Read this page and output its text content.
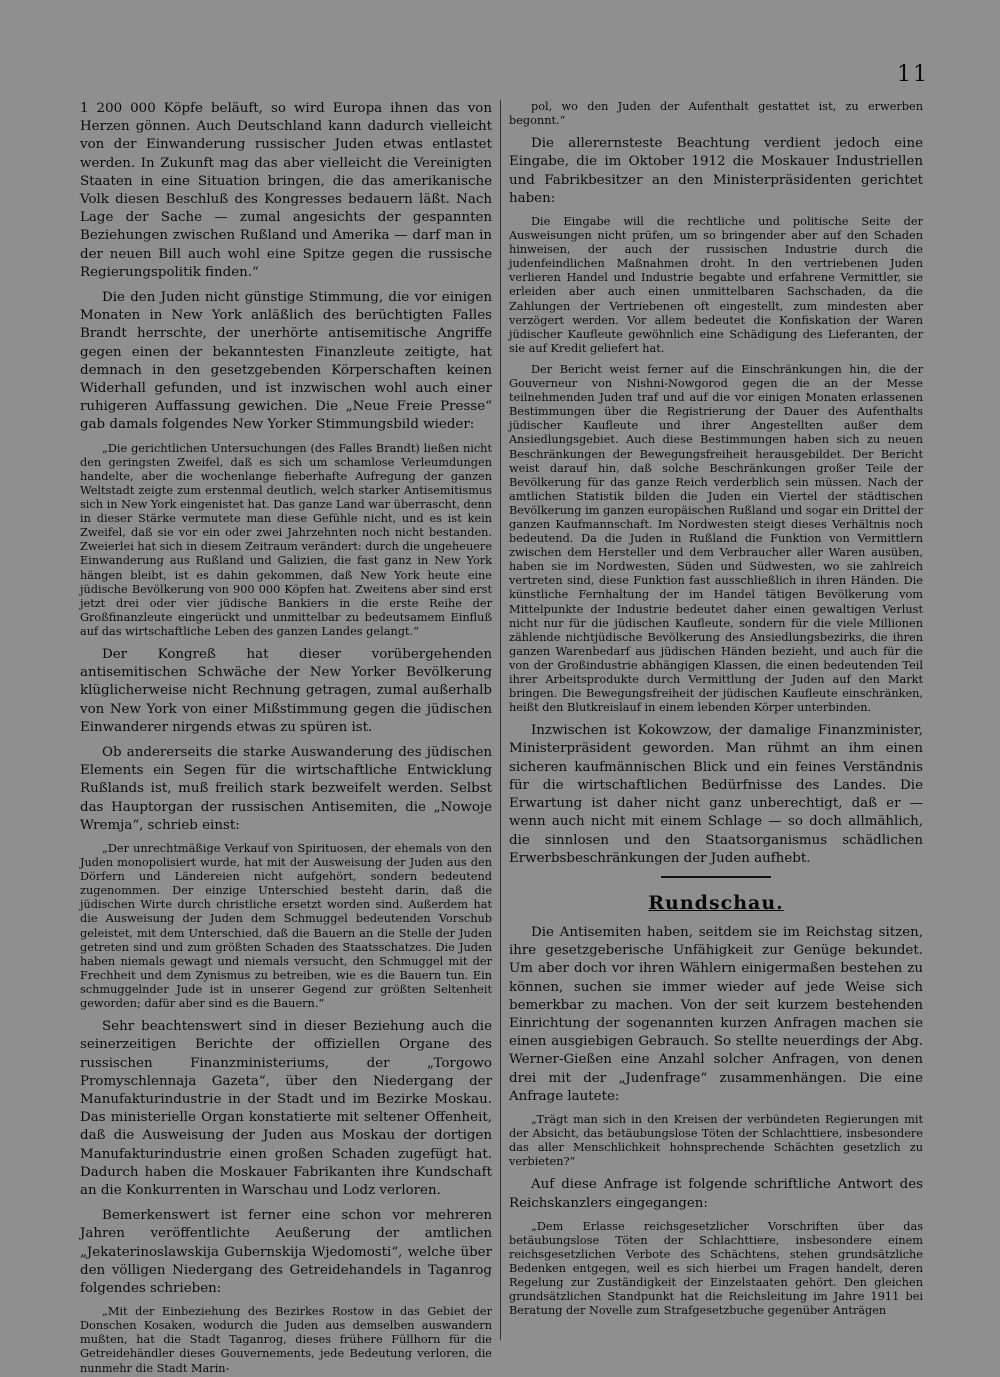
11

1 200 000 Köpfe beläuft, so wird Europa ihnen das von Herzen gönnen. Auch Deutschland kann dadurch vielleicht von der Einwanderung russischer Juden etwas entlastet werden. In Zukunft mag das aber vielleicht die Vereinigten Staaten in eine Situation bringen, die das amerikanische Volk diesen Beschluß des Kongresses bedauern läßt. Nach Lage der Sache — zumal angesichts der gespannten Beziehungen zwischen Rußland und Amerika — darf man in der neuen Bill auch wohl eine Spitze gegen die russische Regierungspolitik finden.“

Die den Juden nicht günstige Stimmung, die vor einigen Monaten in New York anläßlich des berüchtigten Falles Brandt herrschte, der unerhörte antisemitische Angriffe gegen einen der bekanntesten Finanzleute zeitigte, hat demnach in den gesetzgebenden Körperschaften keinen Widerhall gefunden, und ist inzwischen wohl auch einer ruhigeren Auffassung gewichen. Die „Neue Freie Presse“ gab damals folgendes New Yorker Stimmungsbild wieder:

„Die gerichtlichen Untersuchungen (des Falles Brandt) ließen nicht den geringsten Zweifel, daß es sich um schamlose Verleumdungen handelte, aber die wochenlange fieberhafte Aufregung der ganzen Weltstadt zeigte zum erstenmal deutlich, welch starker Antisemitismus sich in New York eingenistet hat. Das ganze Land war überrascht, denn in dieser Stärke vermutete man diese Gefühle nicht, und es ist kein Zweifel, daß sie vor ein oder zwei Jahrzehnten noch nicht bestanden. Zweierlei hat sich in diesem Zeitraum verändert: durch die ungeheuere Einwanderung aus Rußland und Galizien, die fast ganz in New York hängen bleibt, ist es dahin gekommen, daß New York heute eine jüdische Bevölkerung von 900 000 Köpfen hat. Zweitens aber sind erst jetzt drei oder vier jüdische Bankiers in die erste Reihe der Großfinanzleute eingerückt und unmittelbar zu bedeutsamem Einfluß auf das wirtschaftliche Leben des ganzen Landes gelangt.“

Der Kongreß hat dieser vorübergehenden antisemitischen Schwäche der New Yorker Bevölkerung klüglicherweise nicht Rechnung getragen, zumal außerhalb von New York von einer Mißstimmung gegen die jüdischen Einwanderer nirgends etwas zu spüren ist.

Ob andererseits die starke Auswanderung des jüdischen Elements ein Segen für die wirtschaftliche Entwicklung Rußlands ist, muß freilich stark bezweifelt werden. Selbst das Hauptorgan der russischen Antisemiten, die „Nowoje Wremja“, schrieb einst:

„Der unrechtmäßige Verkauf von Spirituosen, der ehemals von den Juden monopolisiert wurde, hat mit der Ausweisung der Juden aus den Dörfern und Ländereien nicht aufgehört, sondern bedeutend zugenommen. Der einzige Unterschied besteht darin, daß die jüdischen Wirte durch christliche ersetzt worden sind. Außerdem hat die Ausweisung der Juden dem Schmuggel bedeutenden Vorschub geleistet, mit dem Unterschied, daß die Bauern an die Stelle der Juden getreten sind und zum größten Schaden des Staatsschatzes. Die Juden haben niemals gewagt und niemals versucht, den Schmuggel mit der Frechheit und dem Zynismus zu betreiben, wie es die Bauern tun. Ein schmuggelnder Jude ist in unserer Gegend zur größten Seltenheit geworden; dafür aber sind es die Bauern.“

Sehr beachtenswert sind in dieser Beziehung auch die seinerzeitigen Berichte der offiziellen Organe des russischen Finanzministeriums, der „Torgowo Promyschlennaja Gazeta“, über den Niedergang der Manufakturindustrie in der Stadt und im Bezirke Moskau. Das ministerielle Organ konstatierte mit seltener Offenheit, daß die Ausweisung der Juden aus Moskau der dortigen Manufakturindustrie einen großen Schaden zugefügt hat. Dadurch haben die Moskauer Fabrikanten ihre Kundschaft an die Konkurrenten in Warschau und Lodz verloren.

Bemerkenswert ist ferner eine schon vor mehreren Jahren veröffentlichte Aeußerung der amtlichen „Jekaterinoslawskija Gubernskija Wjedomosti“, welche über den völligen Niedergang des Getreidehandels in Taganrog folgendes schrieben:

„Mit der Einbeziehung des Bezirkes Rostow in das Gebiet der Donschen Kosaken, wodurch die Juden aus demselben auswandern mußten, hat die Stadt Taganrog, dieses frühere Füllhorn für die Getreidehändler dieses Gouvernements, jede Bedeutung verloren, die nunmehr die Stadt Marin-

pol, wo den Juden der Aufenthalt gestattet ist, zu erwerben begonnt.“

Die allerernsteste Beachtung verdient jedoch eine Eingabe, die im Oktober 1912 die Moskauer Industriellen und Fabrikbesitzer an den Ministerpräsidenten gerichtet haben:

Die Eingabe will die rechtliche und politische Seite der Ausweisungen nicht prüfen, um so bringender aber auf den Schaden hinweisen, der auch der russischen Industrie durch die judenfeindlichen Maßnahmen droht. In den vertriebenen Juden verlieren Handel und Industrie begabte und erfahrene Vermittler, sie erleiden aber auch einen unmittelbaren Sachschaden, da die Zahlungen der Vertriebenen oft eingestellt, zum mindesten aber verzögert werden. Vor allem bedeutet die Konfiskation der Waren jüdischer Kaufleute gewöhnlich eine Schädigung des Lieferanten, der sie auf Kredit geliefert hat.

Der Bericht weist ferner auf die Einschränkungen hin, die der Gouverneur von Nishni-Nowgorod gegen die an der Messe teilnehmenden Juden traf und auf die vor einigen Monaten erlassenen Bestimmungen über die Registrierung der Dauer des Aufenthalts jüdischer Kaufleute und ihrer Angestellten außer dem Ansiedlungsgebiet. Auch diese Bestimmungen haben sich zu neuen Beschränkungen der Bewegungsfreiheit herausgebildet. Der Bericht weist darauf hin, daß solche Beschränkungen großer Teile der Bevölkerung für das ganze Reich verderblich sein müssen. Nach der amtlichen Statistik bilden die Juden ein Viertel der städtischen Bevölkerung im ganzen europäischen Rußland und sogar ein Drittel der ganzen Kaufmannschaft. Im Nordwesten steigt dieses Verhältnis noch bedeutend. Da die Juden in Rußland die Funktion von Vermittlern zwischen dem Hersteller und dem Verbraucher aller Waren ausüben, haben sie im Nordwesten, Süden und Südwesten, wo sie zahlreich vertreten sind, diese Funktion fast ausschließlich in ihren Händen. Die künstliche Fernhaltung der im Handel tätigen Bevölkerung vom Mittelpunkte der Industrie bedeutet daher einen gewaltigen Verlust nicht nur für die jüdischen Kaufleute, sondern für die viele Millionen zählende nichtjüdische Bevölkerung des Ansiedlungsbezirks, die ihren ganzen Warenbedarf aus jüdischen Händen bezieht, und auch für die von der Großindustrie abhängigen Klassen, die einen bedeutenden Teil ihrer Arbeitsprodukte durch Vermittlung der Juden auf den Markt bringen. Die Bewegungsfreiheit der jüdischen Kaufleute einschränken, heißt den Blutkreislauf in einem lebenden Körper unterbinden.

Inzwischen ist Kokowzow, der damalige Finanzminister, Ministerpräsident geworden. Man rühmt an ihm einen sicheren kaufmännischen Blick und ein feines Verständnis für die wirtschaftlichen Bedürfnisse des Landes. Die Erwartung ist daher nicht ganz unberechtigt, daß er — wenn auch nicht mit einem Schlage — so doch allmählich, die sinnlosen und den Staatsorganismus schädlichen Erwerbsbeschränkungen der Juden aufhebt.

Rundschau.

Die Antisemiten haben, seitdem sie im Reichstag sitzen, ihre gesetzgeberische Unfähigkeit zur Genüge bekundet. Um aber doch vor ihren Wählern einigermaßen bestehen zu können, suchen sie immer wieder auf jede Weise sich bemerkbar zu machen. Von der seit kurzem bestehenden Einrichtung der sogenannten kurzen Anfragen machen sie einen ausgiebigen Gebrauch. So stellte neuerdings der Abg. Werner-Gießen eine Anzahl solcher Anfragen, von denen drei mit der „Judenfrage“ zusammenhängen. Die eine Anfrage lautete:

„Trägt man sich in den Kreisen der verbündeten Regierungen mit der Absicht, das betäubungslose Töten der Schlachttiere, insbesondere das aller Menschlichkeit hohnsprechende Schächten gesetzlich zu verbieten?“

Auf diese Anfrage ist folgende schriftliche Antwort des Reichskanzlers eingegangen:

„Dem Erlasse reichsgesetzlicher Vorschriften über das betäubungslose Töten der Schlachttiere, insbesondere einem reichsgesetzlichen Verbote des Schächtens, stehen grundsätzliche Bedenken entgegen, weil es sich hierbei um Fragen handelt, deren Regelung zur Zuständigkeit der Einzelstaaten gehört. Den gleichen grundsätzlichen Standpunkt hat die Reichsleitung im Jahre 1911 bei Beratung der Novelle zum Strafgesetzbuche gegenüber Anträgen
